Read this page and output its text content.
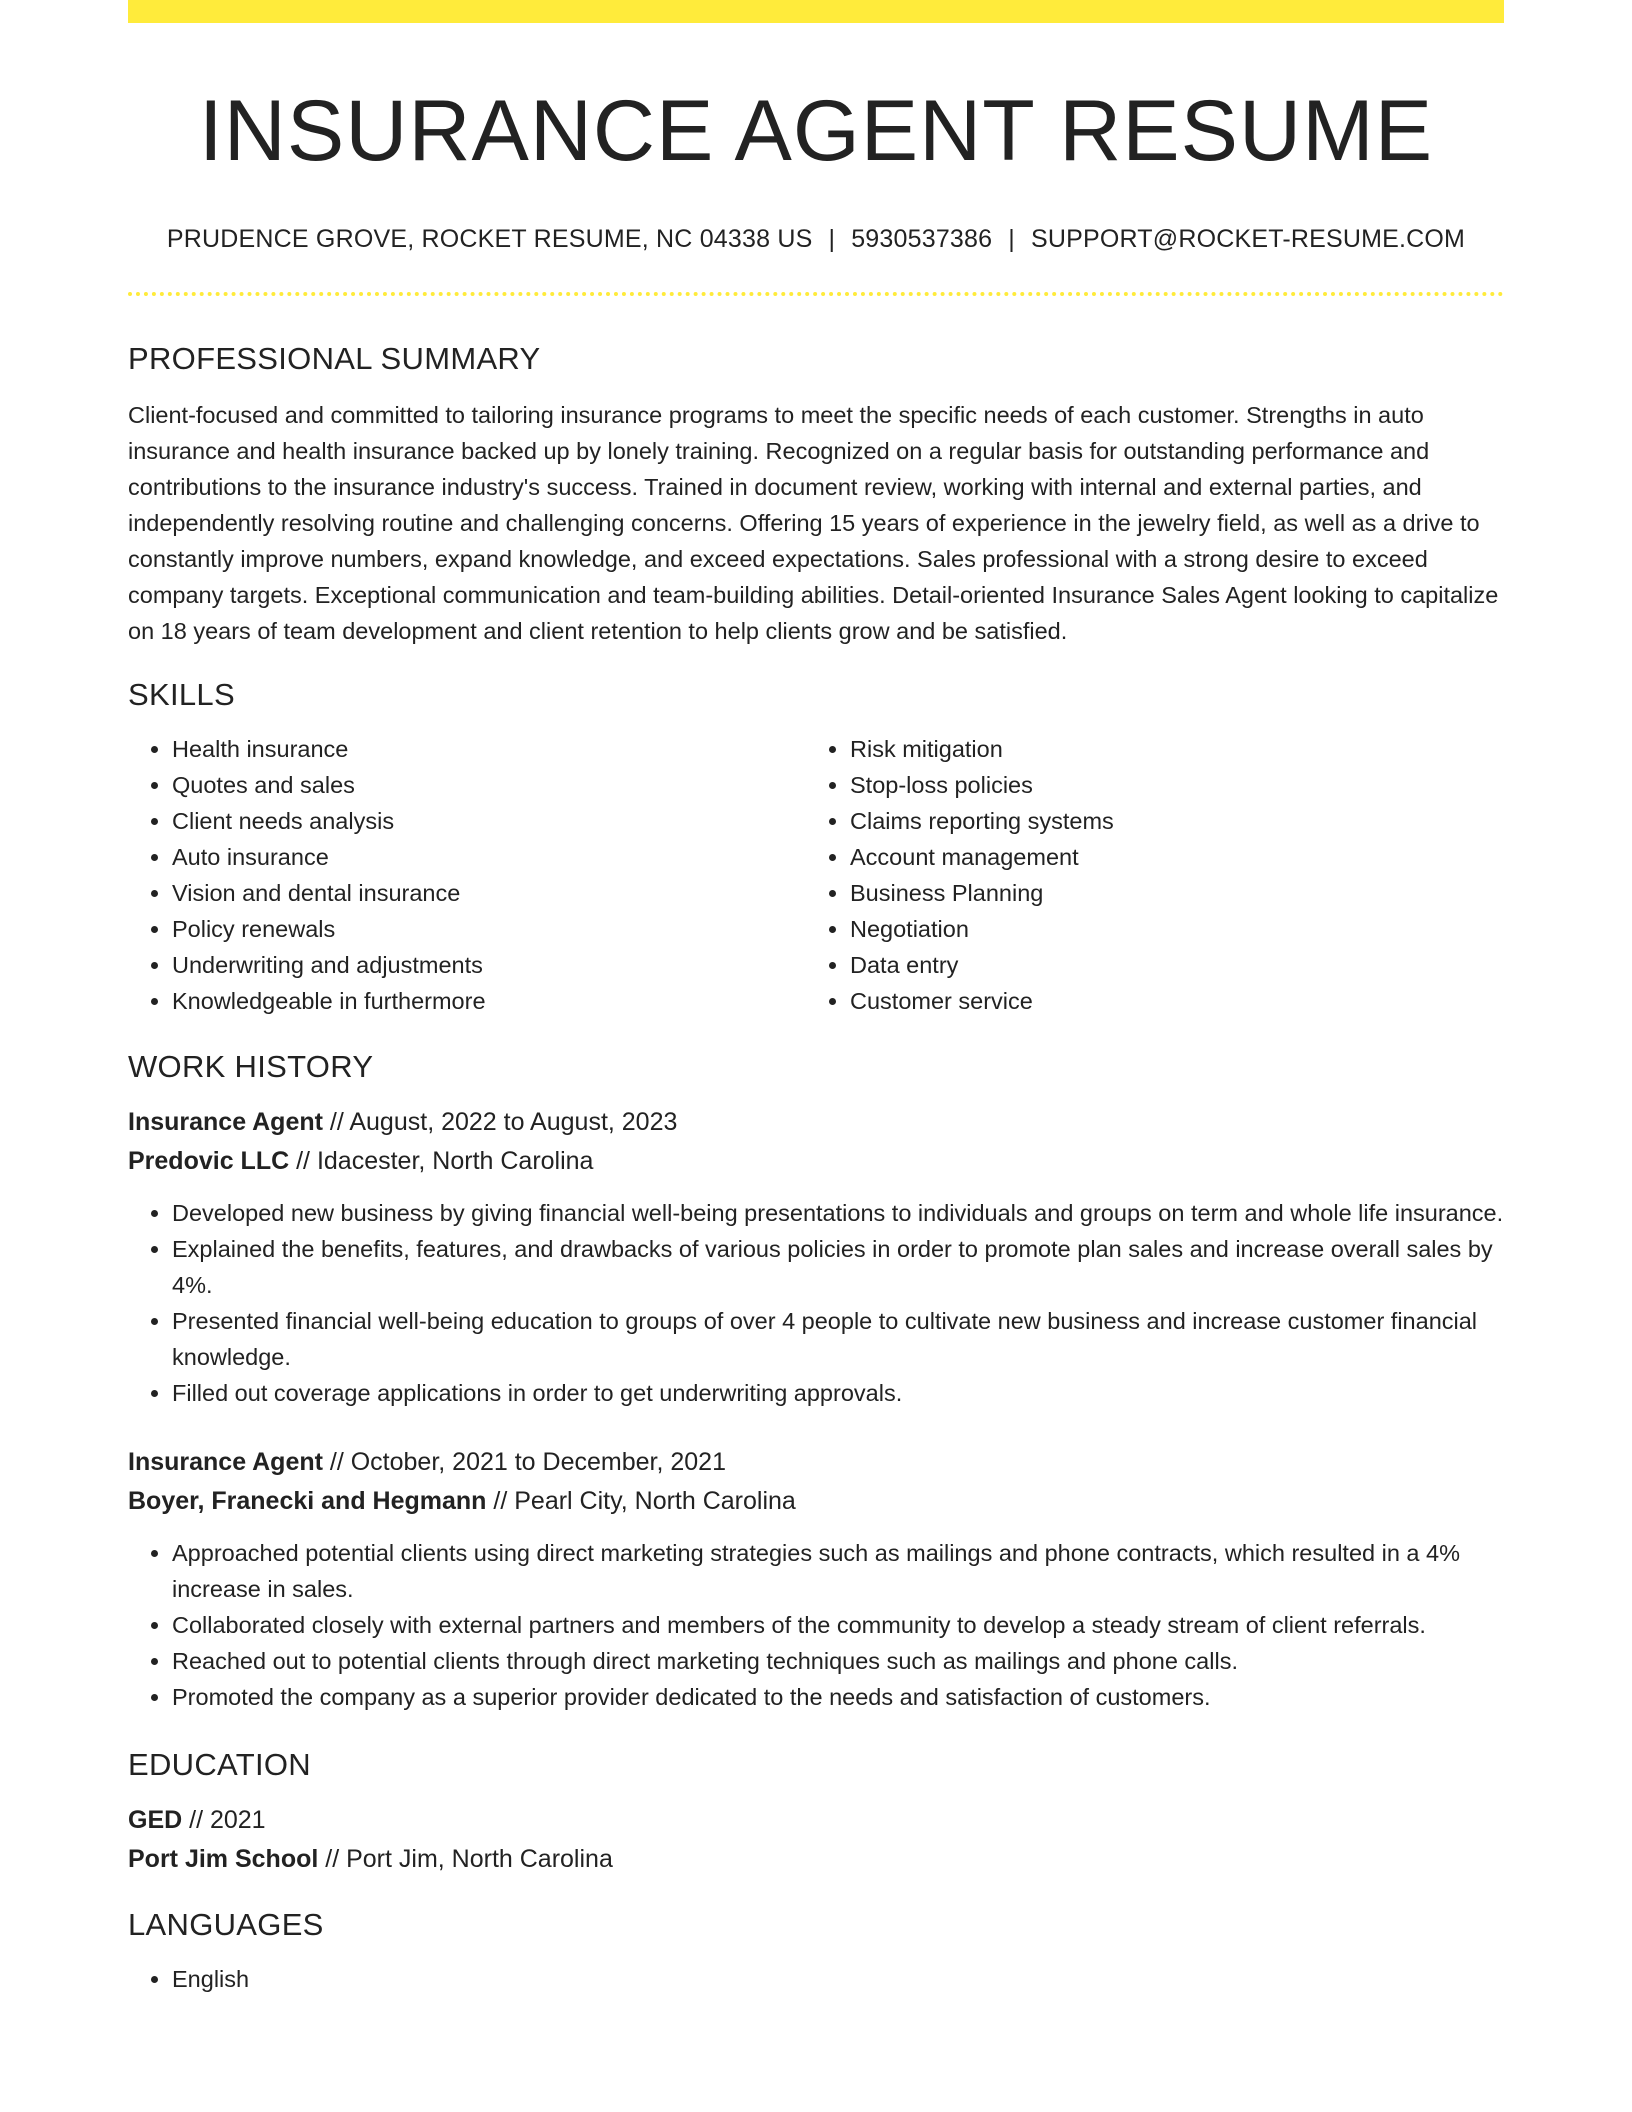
INSURANCE AGENT RESUME
PRUDENCE GROVE, ROCKET RESUME, NC 04338 US | 5930537386 | SUPPORT@ROCKET-RESUME.COM
PROFESSIONAL SUMMARY
Client-focused and committed to tailoring insurance programs to meet the specific needs of each customer. Strengths in auto insurance and health insurance backed up by lonely training. Recognized on a regular basis for outstanding performance and contributions to the insurance industry's success. Trained in document review, working with internal and external parties, and independently resolving routine and challenging concerns. Offering 15 years of experience in the jewelry field, as well as a drive to constantly improve numbers, expand knowledge, and exceed expectations. Sales professional with a strong desire to exceed company targets. Exceptional communication and team-building abilities. Detail-oriented Insurance Sales Agent looking to capitalize on 18 years of team development and client retention to help clients grow and be satisfied.
SKILLS
• Health insurance
• Quotes and sales
• Client needs analysis
• Auto insurance
• Vision and dental insurance
• Policy renewals
• Underwriting and adjustments
• Knowledgeable in furthermore
• Risk mitigation
• Stop-loss policies
• Claims reporting systems
• Account management
• Business Planning
• Negotiation
• Data entry
• Customer service
WORK HISTORY
Insurance Agent // August, 2022 to August, 2023
Predovic LLC // Idacester, North Carolina
• Developed new business by giving financial well-being presentations to individuals and groups on term and whole life insurance.
• Explained the benefits, features, and drawbacks of various policies in order to promote plan sales and increase overall sales by 4%.
• Presented financial well-being education to groups of over 4 people to cultivate new business and increase customer financial knowledge.
• Filled out coverage applications in order to get underwriting approvals.
Insurance Agent // October, 2021 to December, 2021
Boyer, Franecki and Hegmann // Pearl City, North Carolina
• Approached potential clients using direct marketing strategies such as mailings and phone contracts, which resulted in a 4% increase in sales.
• Collaborated closely with external partners and members of the community to develop a steady stream of client referrals.
• Reached out to potential clients through direct marketing techniques such as mailings and phone calls.
• Promoted the company as a superior provider dedicated to the needs and satisfaction of customers.
EDUCATION
GED // 2021
Port Jim School // Port Jim, North Carolina
LANGUAGES
• English
